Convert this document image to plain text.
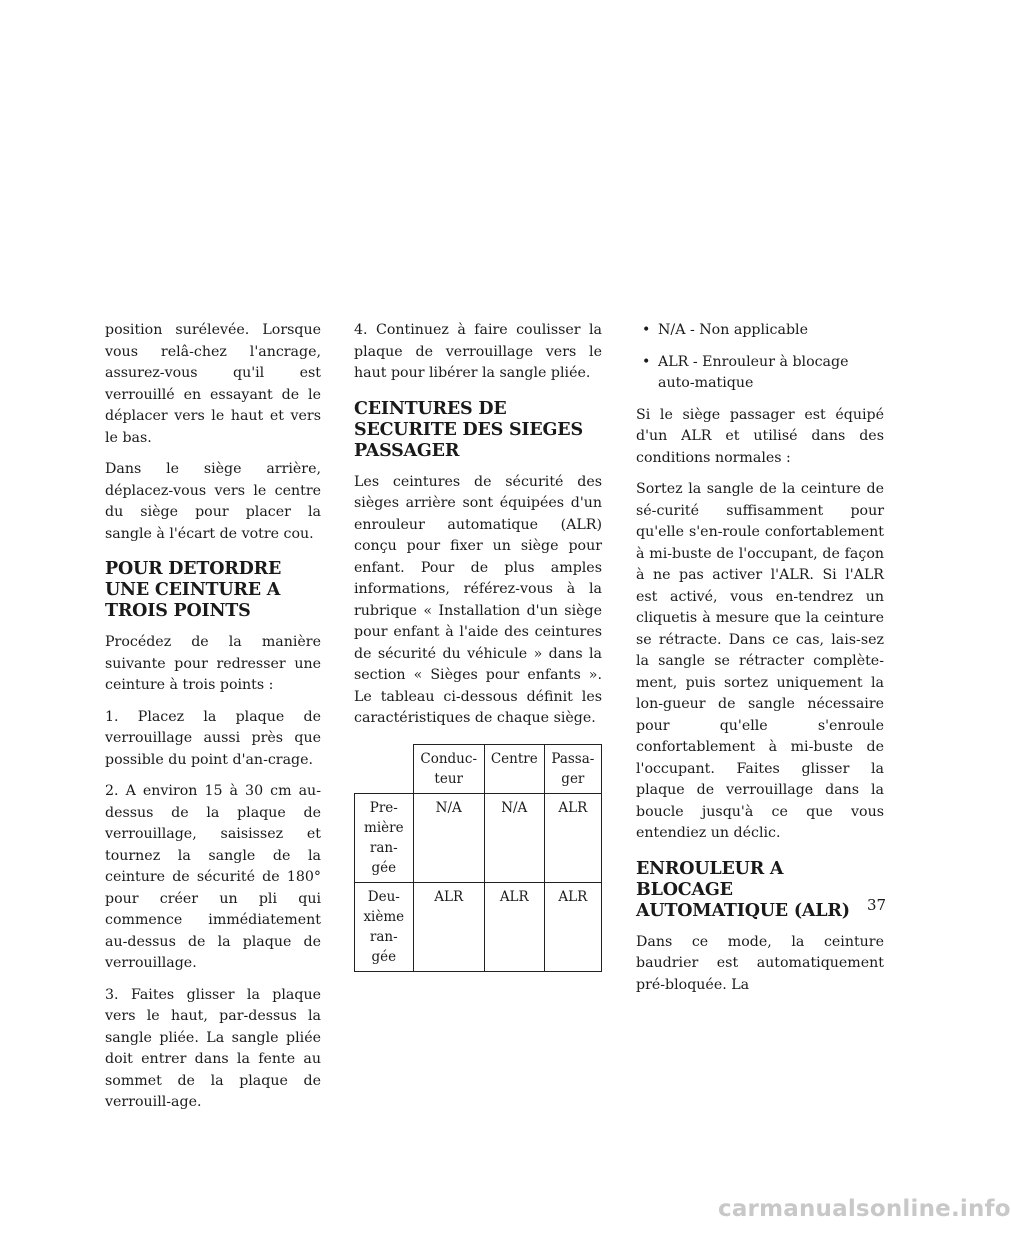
position surélevée. Lorsque vous relâ-chez l'ancrage, assurez-vous qu'il est verrouillé en essayant de le déplacer vers le haut et vers le bas.

Dans le siège arrière, déplacez-vous vers le centre du siège pour placer la sangle à l'écart de votre cou.

POUR DETORDRE UNE CEINTURE A TROIS POINTS

Procédez de la manière suivante pour redresser une ceinture à trois points :

1. Placez la plaque de verrouillage aussi près que possible du point d'an-crage.

2. A environ 15 à 30 cm au-dessus de la plaque de verrouillage, saisissez et tournez la sangle de la ceinture de sécurité de 180° pour créer un pli qui commence immédiatement au-dessus de la plaque de verrouillage.

3. Faites glisser la plaque vers le haut, par-dessus la sangle pliée. La sangle pliée doit entrer dans la fente au sommet de la plaque de verrouill-age.

4. Continuez à faire coulisser la plaque de verrouillage vers le haut pour libérer la sangle pliée.

CEINTURES DE SECURITE DES SIEGES PASSAGER

Les ceintures de sécurité des sièges arrière sont équipées d'un enrouleur automatique (ALR) conçu pour fixer un siège pour enfant. Pour de plus amples informations, référez-vous à la rubrique « Installation d'un siège pour enfant à l'aide des ceintures de sécurité du véhicule » dans la section « Sièges pour enfants ». Le tableau ci-dessous définit les caractéristiques de chaque siège.

	Conduc-teur	Centre	Passa-ger
Pre-mière ran-gée	N/A	N/A	ALR
Deu-xième ran-gée	ALR	ALR	ALR
• N/A - Non applicable
• ALR - Enrouleur à blocage auto-matique

Si le siège passager est équipé d'un ALR et utilisé dans des conditions normales :

Sortez la sangle de la ceinture de sé-curité suffisamment pour qu'elle s'en-roule confortablement à mi-buste de l'occupant, de façon à ne pas activer l'ALR. Si l'ALR est activé, vous en-tendrez un cliquetis à mesure que la ceinture se rétracte. Dans ce cas, lais-sez la sangle se rétracter complète-ment, puis sortez uniquement la lon-gueur de sangle nécessaire pour qu'elle s'enroule confortablement à mi-buste de l'occupant. Faites glisser la plaque de verrouillage dans la boucle jusqu'à ce que vous entendiez un déclic.

ENROULEUR A BLOCAGE AUTOMATIQUE (ALR)

Dans ce mode, la ceinture baudrier est automatiquement pré-bloquée. La

37
carmanualsonline.info
